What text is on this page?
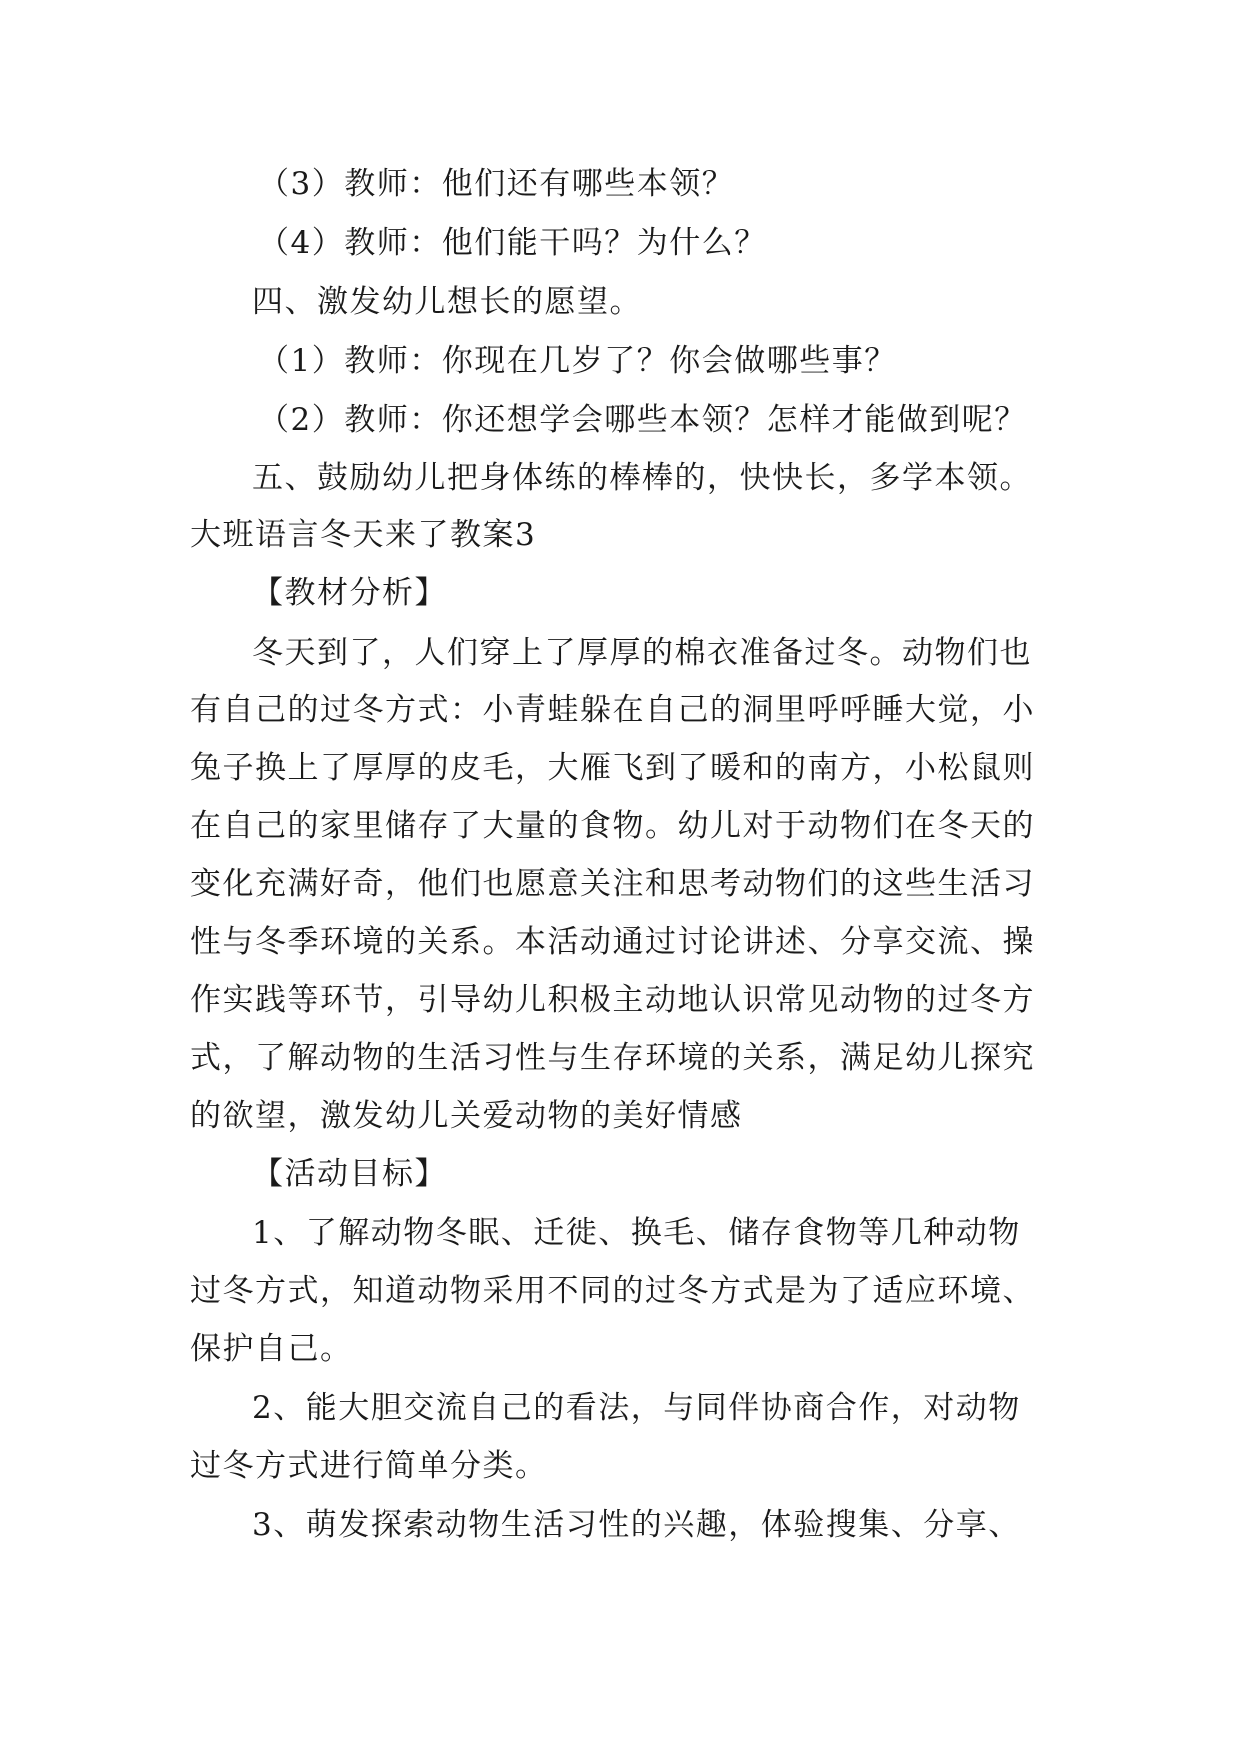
（3）教师：他们还有哪些本领？
（4）教师：他们能干吗？为什么？
四、激发幼儿想长的愿望。
（1）教师：你现在几岁了？你会做哪些事？
（2）教师：你还想学会哪些本领？怎样才能做到呢？
五、鼓励幼儿把身体练的棒棒的，快快长，多学本领。
大班语言冬天来了教案3
【教材分析】
冬天到了，人们穿上了厚厚的棉衣准备过冬。动物们也
有自己的过冬方式：小青蛙躲在自己的洞里呼呼睡大觉，小
兔子换上了厚厚的皮毛，大雁飞到了暖和的南方，小松鼠则
在自己的家里储存了大量的食物。幼儿对于动物们在冬天的
变化充满好奇，他们也愿意关注和思考动物们的这些生活习
性与冬季环境的关系。本活动通过讨论讲述、分享交流、操
作实践等环节，引导幼儿积极主动地认识常见动物的过冬方
式，了解动物的生活习性与生存环境的关系，满足幼儿探究
的欲望，激发幼儿关爱动物的美好情感
【活动目标】
1、了解动物冬眠、迁徙、换毛、储存食物等几种动物
过冬方式，知道动物采用不同的过冬方式是为了适应环境、
保护自己。
2、能大胆交流自己的看法，与同伴协商合作，对动物
过冬方式进行简单分类。
3、萌发探索动物生活习性的兴趣，体验搜集、分享、
